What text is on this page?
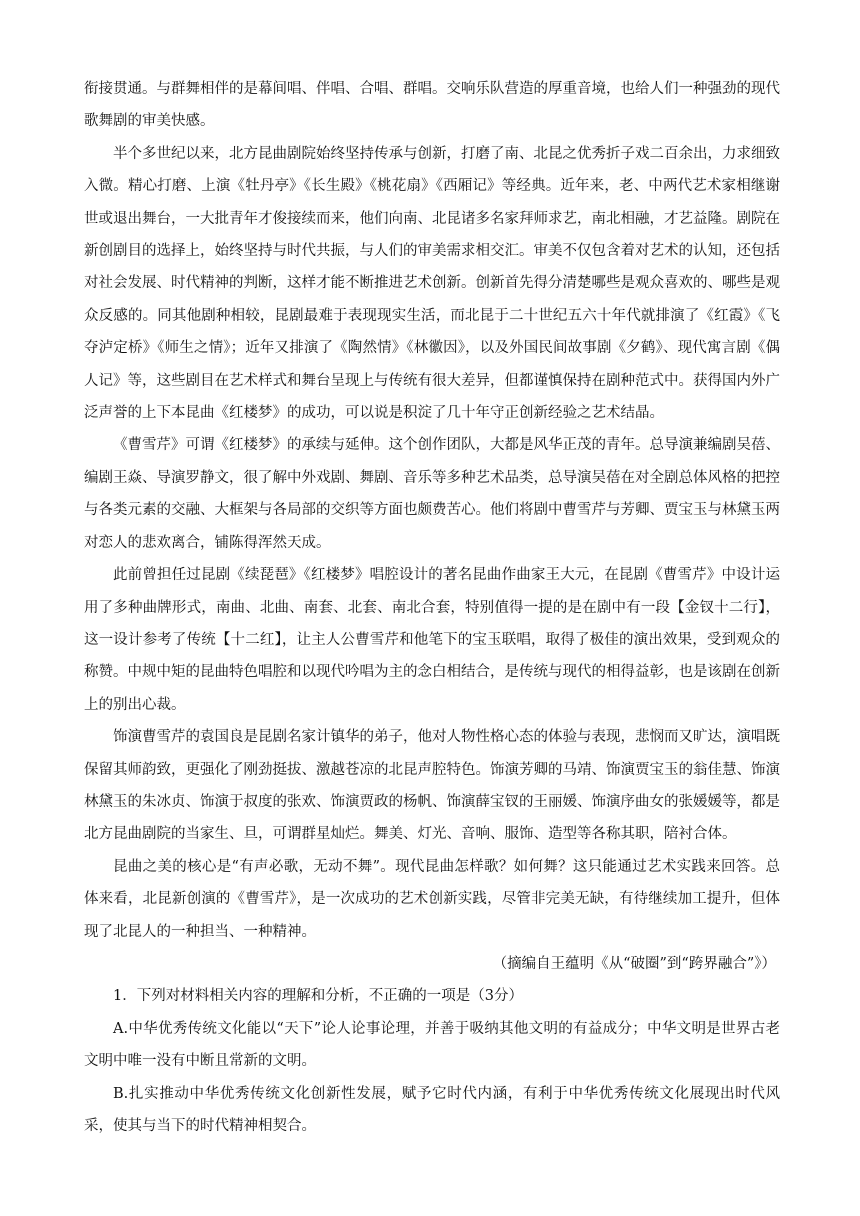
衔接贯通。与群舞相伴的是幕间唱、伴唱、合唱、群唱。交响乐队营造的厚重音境，也给人们一种强劲的现代歌舞剧的审美快感。

半个多世纪以来，北方昆曲剧院始终坚持传承与创新，打磨了南、北昆之优秀折子戏二百余出，力求细致入微。精心打磨、上演《牡丹亭》《长生殿》《桃花扇》《西厢记》等经典。近年来，老、中两代艺术家相继谢世或退出舞台，一大批青年才俊接续而来，他们向南、北昆诸多名家拜师求艺，南北相融，才艺益隆。剧院在新创剧目的选择上，始终坚持与时代共振，与人们的审美需求相交汇。审美不仅包含着对艺术的认知，还包括对社会发展、时代精神的判断，这样才能不断推进艺术创新。创新首先得分清楚哪些是观众喜欢的、哪些是观众反感的。同其他剧种相较，昆剧最难于表现现实生活，而北昆于二十世纪五六十年代就排演了《红霞》《飞夺泸定桥》《师生之情》；近年又排演了《陶然情》《林徽因》，以及外国民间故事剧《夕鹤》、现代寓言剧《偶人记》等，这些剧目在艺术样式和舞台呈现上与传统有很大差异，但都谨慎保持在剧种范式中。获得国内外广泛声誉的上下本昆曲《红楼梦》的成功，可以说是积淀了几十年守正创新经验之艺术结晶。

《曹雪芹》可谓《红楼梦》的承续与延伸。这个创作团队，大都是风华正茂的青年。总导演兼编剧吴蓓、编剧王焱、导演罗静文，很了解中外戏剧、舞剧、音乐等多种艺术品类，总导演吴蓓在对全剧总体风格的把控与各类元素的交融、大框架与各局部的交织等方面也颇费苦心。他们将剧中曹雪芹与芳卿、贾宝玉与林黛玉两对恋人的悲欢离合，铺陈得浑然天成。

此前曾担任过昆剧《续琵琶》《红楼梦》唱腔设计的著名昆曲作曲家王大元，在昆剧《曹雪芹》中设计运用了多种曲牌形式，南曲、北曲、南套、北套、南北合套，特别值得一提的是在剧中有一段【金钗十二行】，这一设计参考了传统【十二红】，让主人公曹雪芹和他笔下的宝玉联唱，取得了极佳的演出效果，受到观众的称赞。中规中矩的昆曲特色唱腔和以现代吟唱为主的念白相结合，是传统与现代的相得益彰，也是该剧在创新上的别出心裁。

饰演曹雪芹的袁国良是昆剧名家计镇华的弟子，他对人物性格心态的体验与表现，悲悯而又旷达，演唱既保留其师韵致，更强化了刚劲挺拔、激越苍凉的北昆声腔特色。饰演芳卿的马靖、饰演贾宝玉的翁佳慧、饰演林黛玉的朱冰贞、饰演于叔度的张欢、饰演贾政的杨帆、饰演薛宝钗的王丽媛、饰演序曲女的张媛媛等，都是北方昆曲剧院的当家生、旦，可谓群星灿烂。舞美、灯光、音响、服饰、造型等各称其职，陪衬合体。

昆曲之美的核心是“有声必歌，无动不舞”。现代昆曲怎样歌？如何舞？这只能通过艺术实践来回答。总体来看，北昆新创演的《曹雪芹》，是一次成功的艺术创新实践，尽管非完美无缺，有待继续加工提升，但体现了北昆人的一种担当、一种精神。

（摘编自王蕴明《从“破圈”到“跨界融合”》）

1．下列对材料相关内容的理解和分析，不正确的一项是（3分）

A.中华优秀传统文化能以“天下”论人论事论理，并善于吸纳其他文明的有益成分；中华文明是世界古老文明中唯一没有中断且常新的文明。

B.扎实推动中华优秀传统文化创新性发展，赋予它时代内涵，有利于中华优秀传统文化展现出时代风采，使其与当下的时代精神相契合。
